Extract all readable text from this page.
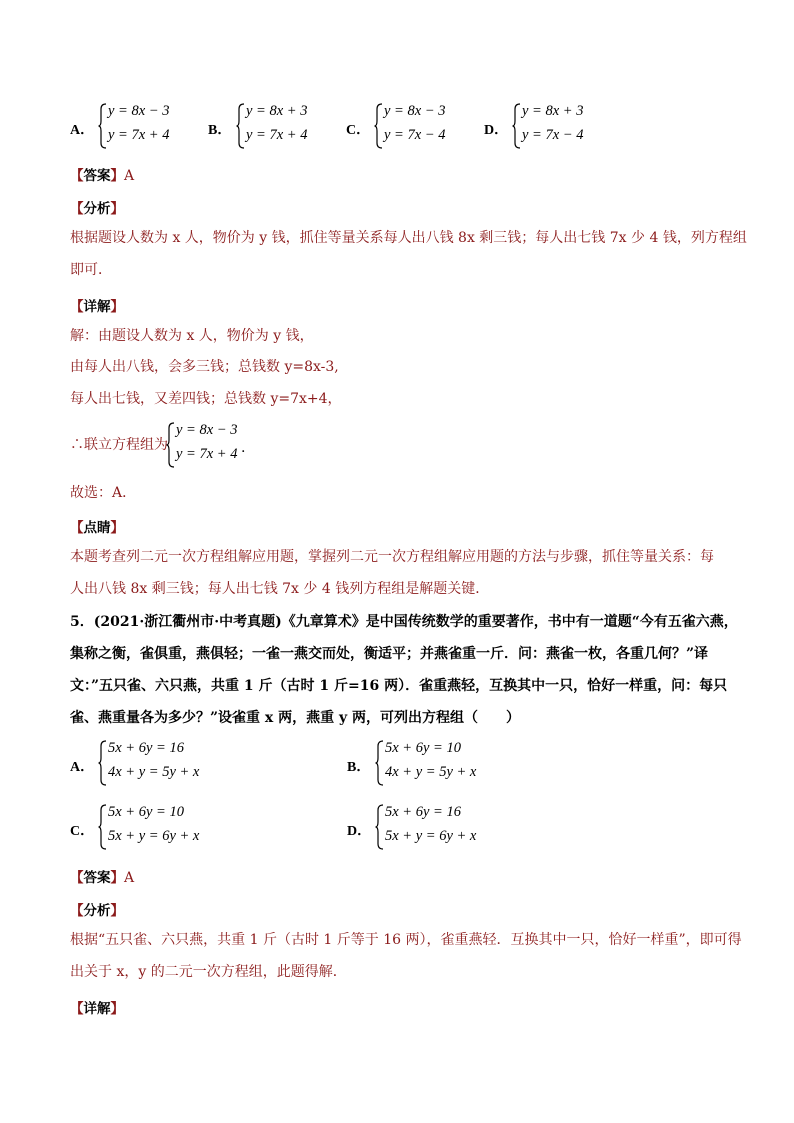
A．
y = 8x − 3
y = 7x + 4	B．
y = 8x + 3
y = 7x + 4	C．
y = 8x − 3
y = 7x − 4	D．
y = 8x + 3
y = 7x − 4
【答案】A
【分析】
根据题设人数为 x 人，物价为 y 钱，抓住等量关系每人出八钱 8x 剩三钱；每人出七钱 7x 少 4 钱，列方程组
即可．
【详解】
解：由题设人数为 x 人，物价为 y 钱，
由每人出八钱，会多三钱；总钱数 y=8x-3,
每人出七钱，又差四钱；总钱数 y=7x+4，
∴联立方程组为
y = 8x − 3
y = 7x + 4 .
故选：A．
【点睛】
本题考查列二元一次方程组解应用题，掌握列二元一次方程组解应用题的方法与步骤，抓住等量关系：每
人出八钱 8x 剩三钱；每人出七钱 7x 少 4 钱列方程组是解题关键．
5．(2021·浙江衢州市·中考真题)《九章算术》是中国传统数学的重要著作，书中有一道题“今有五雀六燕，
集称之衡，雀俱重，燕俱轻；一雀一燕交而处，衡适平；并燕雀重一斤．问：燕雀一枚，各重几何？”译
文：”五只雀、六只燕，共重 1 斤（古时 1 斤=16 两）．雀重燕轻，互换其中一只，恰好一样重，问：每只
雀、燕重量各为多少？”设雀重 x 两，燕重 y 两，可列出方程组（　　）
A．
5x + 6y = 16
4x + y = 5y + x	B．
5x + 6y = 10
4x + y = 5y + x
C．
5x + 6y = 10
5x + y = 6y + x	D．
5x + 6y = 16
5x + y = 6y + x
【答案】A
【分析】
根据“五只雀、六只燕，共重 1 斤（古时 1 斤等于 16 两），雀重燕轻．互换其中一只，恰好一样重”，即可得
出关于 x，y 的二元一次方程组，此题得解．
【详解】
